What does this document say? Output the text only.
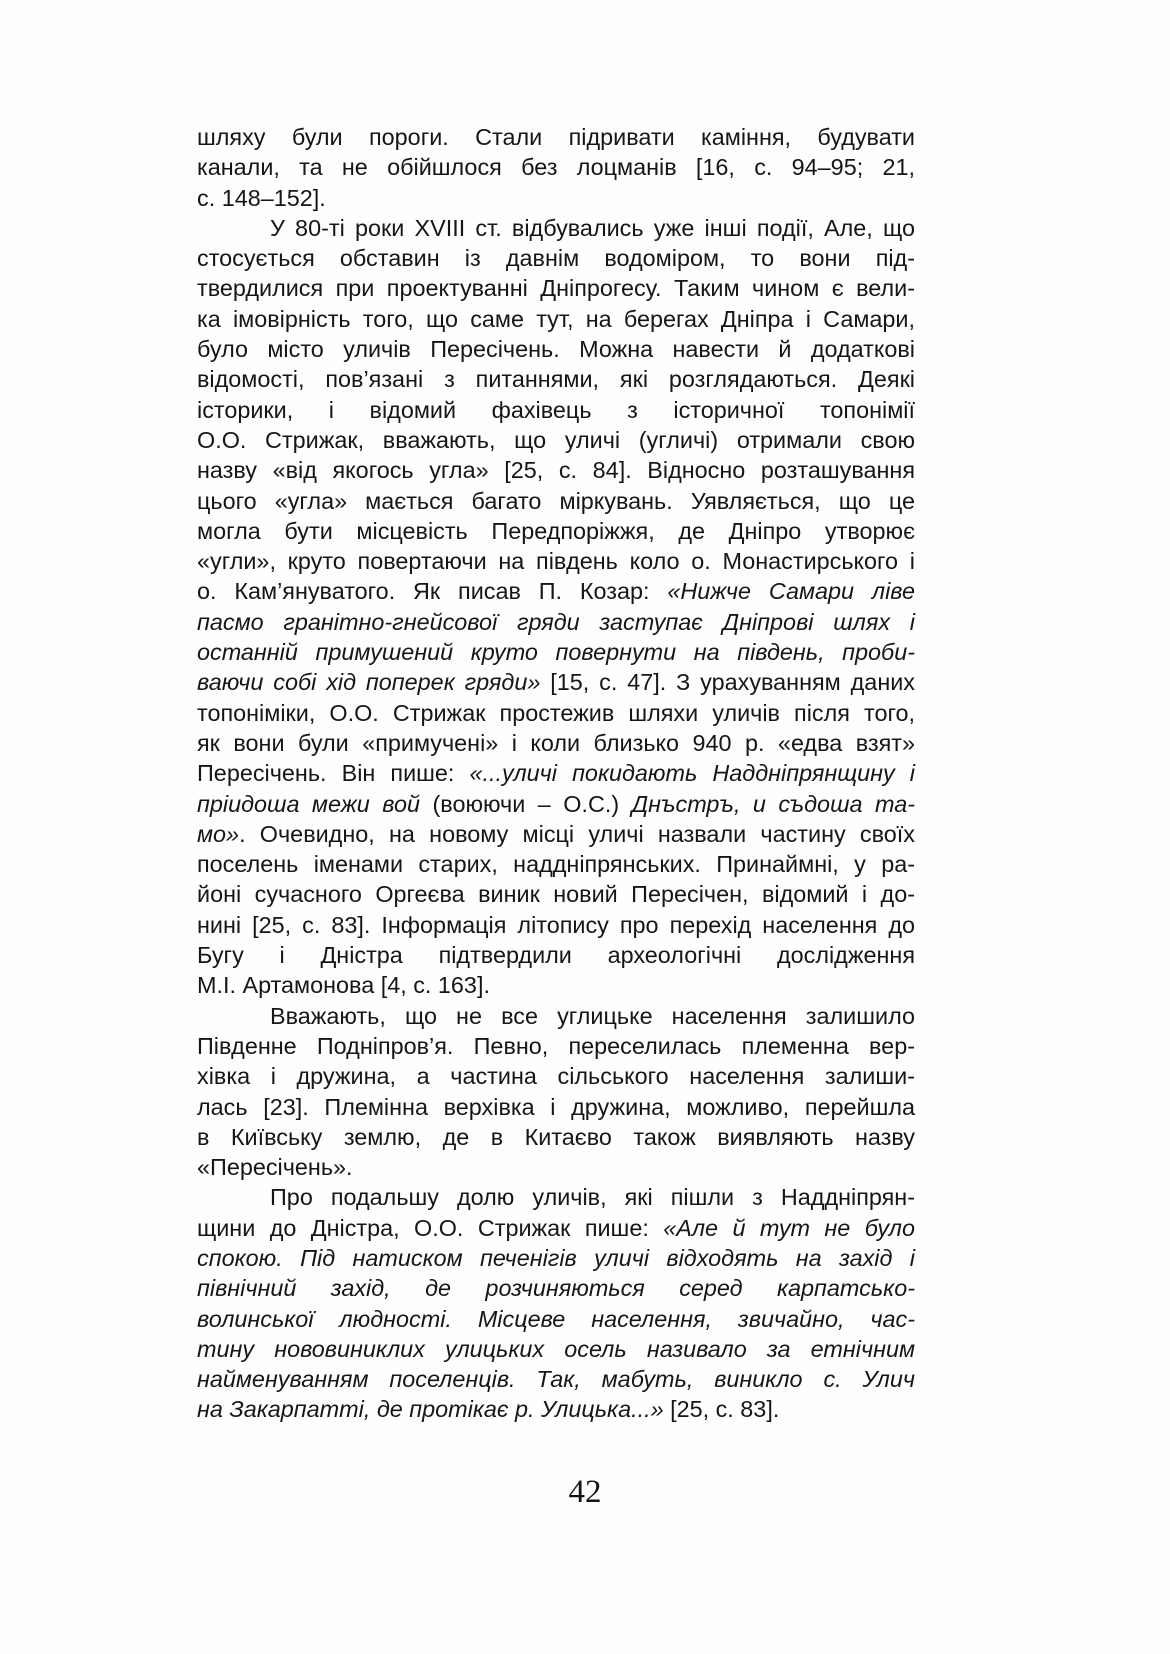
шляху були пороги. Стали підривати каміння, будувати
канали, та не обійшлося без лоцманів [16, с. 94–95; 21,
с. 148–152].
У 80-ті роки XVIII ст. відбувались уже інші події, Але, що
стосується обставин із давнім водоміром, то вони під-
твердилися при проектуванні Дніпрогесу. Таким чином є вели-
ка імовірність того, що саме тут, на берегах Дніпра і Самари,
було місто уличів Пересічень. Можна навести й додаткові
відомості, пов’язані з питаннями, які розглядаються. Деякі
історики, і відомий фахівець з історичної топонімії
О.О. Стрижак, вважають, що уличі (угличі) отримали свою
назву «від якогось угла» [25, с. 84]. Відносно розташування
цього «угла» мається багато міркувань. Уявляється, що це
могла бути місцевість Передпоріжжя, де Дніпро утворює
«угли», круто повертаючи на південь коло о. Монастирського і
о. Кам’януватого. Як писав П. Козар: «Нижче Самари ліве
пасмо гранітно-гнейсової гряди заступає Дніпрові шлях і
останній примушений круто повернути на південь, проби-
ваючи собі хід поперек гряди» [15, с. 47]. З урахуванням даних
топоніміки, О.О. Стрижак простежив шляхи уличів після того,
як вони були «примучені» і коли близько 940 р. «едва взят»
Пересічень. Він пише: «...уличі покидають Наддніпрянщину і
пріидоша межи вой (воюючи – О.С.) Днъстръ, и съдоша та-
мо». Очевидно, на новому місці уличі назвали частину своїх
поселень іменами старих, наддніпрянських. Принаймні, у ра-
йоні сучасного Оргеєва виник новий Пересічен, відомий і до-
нині [25, с. 83]. Інформація літопису про перехід населення до
Бугу і Дністра підтвердили археологічні дослідження
М.І. Артамонова [4, с. 163].
Вважають, що не все углицьке населення залишило
Південне Подніпров’я. Певно, переселилась племенна вер-
хівка і дружина, а частина сільського населення залиши-
лась [23]. Племінна верхівка і дружина, можливо, перейшла
в Київську землю, де в Китаєво також виявляють назву
«Пересічень».
Про подальшу долю уличів, які пішли з Наддніпрян-
щини до Дністра, О.О. Стрижак пише: «Але й тут не було
спокою. Під натиском печенігів уличі відходять на захід і
північний захід, де розчиняються серед карпатсько-
волинської людності. Місцеве населення, звичайно, час-
тину нововиниклих улицьких осель називало за етнічним
найменуванням поселенців. Так, мабуть, виникло с. Улич
на Закарпатті, де протікає р. Улицька...» [25, с. 83].
42
